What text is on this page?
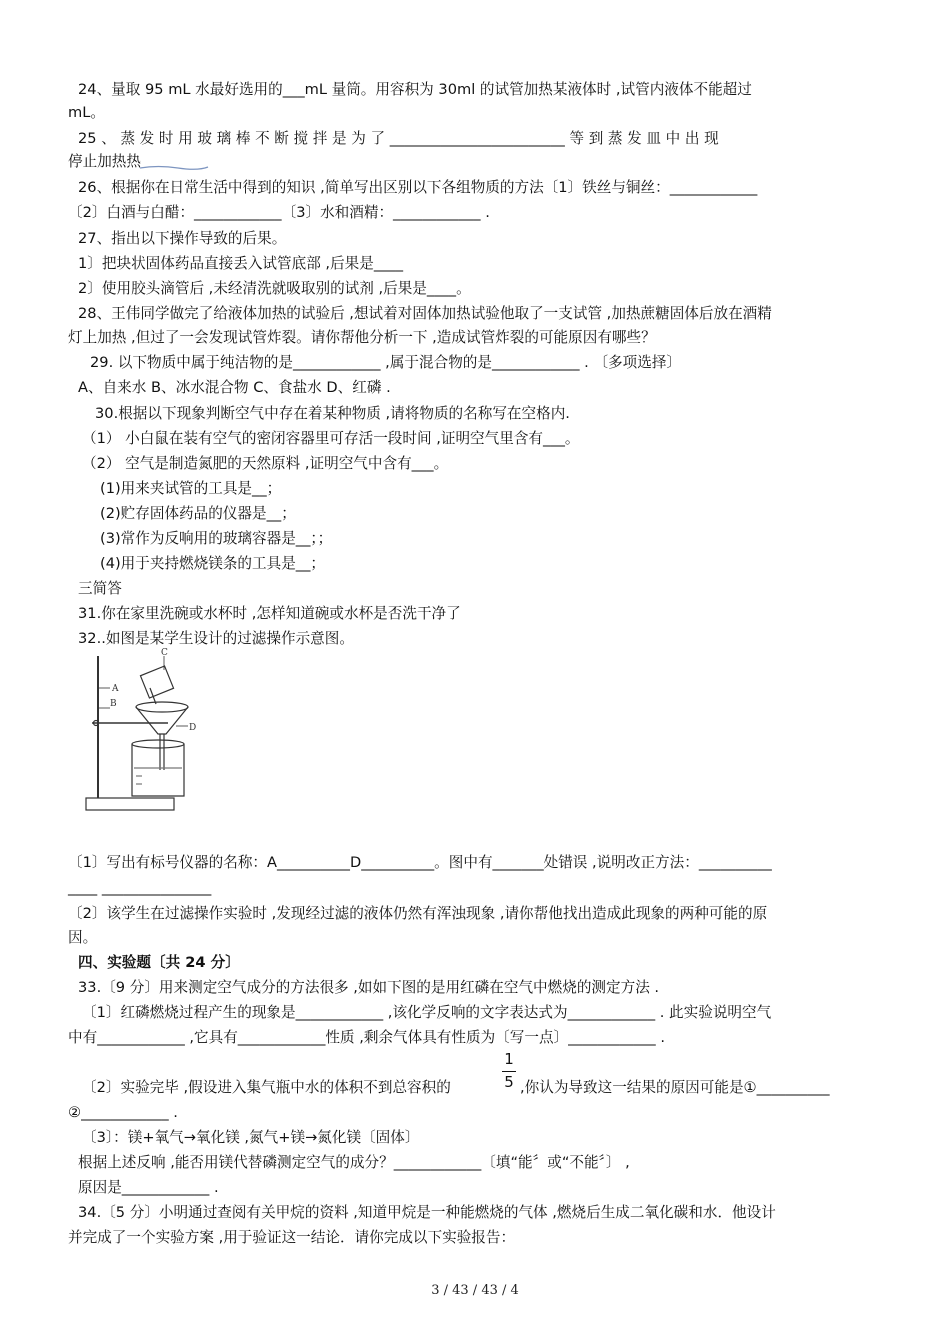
24、量取 95 mL 水最好选用的___mL 量筒。用容积为 30ml 的试管加热某液体时 ,试管内液体不能超过
mL。
25 、 蒸 发 时 用 玻 璃 棒 不 断 搅 拌 是 为 了 ________________________ 等 到 蒸 发 皿 中 出 现
停止加热热
26、根据你在日常生活中得到的知识 ,简单写出区别以下各组物质的方法〔1〕铁丝与铜丝：____________
〔2〕白酒与白醋：____________〔3〕水和酒精：____________ .
27、指出以下操作导致的后果。
1〕把块状固体药品直接丢入试管底部 ,后果是____
2〕使用胶头滴管后 ,未经清洗就吸取别的试剂 ,后果是____。
28、王伟同学做完了给液体加热的试验后 ,想试着对固体加热试验他取了一支试管 ,加热蔗糖固体后放在酒精
灯上加热 ,但过了一会发现试管炸裂。请你帮他分析一下 ,造成试管炸裂的可能原因有哪些？
29. 以下物质中属于纯洁物的是____________ ,属于混合物的是____________ . 〔多项选择〕
A、自来水 B、冰水混合物 C、食盐水 D、红磷 .
30.根据以下现象判断空气中存在着某种物质 ,请将物质的名称写在空格内.
（1） 小白鼠在装有空气的密闭容器里可存活一段时间 ,证明空气里含有___。
（2） 空气是制造氮肥的天然原料 ,证明空气中含有___。
(1)用来夹试管的工具是__；
(2)贮存固体药品的仪器是__；
(3)常作为反响用的玻璃容器是__；；
(4)用于夹持燃烧镁条的工具是__；
三简答
31.你在家里洗碗或水杯时 ,怎样知道碗或水杯是否洗干净了
32..如图是某学生设计的过滤操作示意图。
A
B
C
D
〔1〕写出有标号仪器的名称：A__________D__________。图中有_______处错误 ,说明改正方法：__________
____ _______________
〔2〕该学生在过滤操作实验时 ,发现经过滤的液体仍然有浑浊现象 ,请你帮他找出造成此现象的两种可能的原
因。
四、实验题〔共 24 分〕
33.〔9 分〕用来测定空气成分的方法很多 ,如如下图的是用红磷在空气中燃烧的测定方法 .
〔1〕红磷燃烧过程产生的现象是____________ ,该化学反响的文字表达式为____________ . 此实验说明空气
中有____________ ,它具有____________性质 ,剩余气体具有性质为〔写一点〕____________ .
〔2〕实验完毕 ,假设进入集气瓶中水的体积不到总容积的
1
5 ,你认为导致这一结果的原因可能是①__________
②____________ .
〔3〕：镁+氧气→氧化镁 ,氮气+镁→氮化镁〔固体〕
根据上述反响 ,能否用镁代替磷测定空气的成分？____________〔填“能〞或“不能〞〕 ,
原因是____________ .
34.〔5 分〕小明通过查阅有关甲烷的资料 ,知道甲烷是一种能燃烧的气体 ,燃烧后生成二氧化碳和水．他设计
并完成了一个实验方案 ,用于验证这一结论．请你完成以下实验报告：
3 / 43 / 43 / 4
